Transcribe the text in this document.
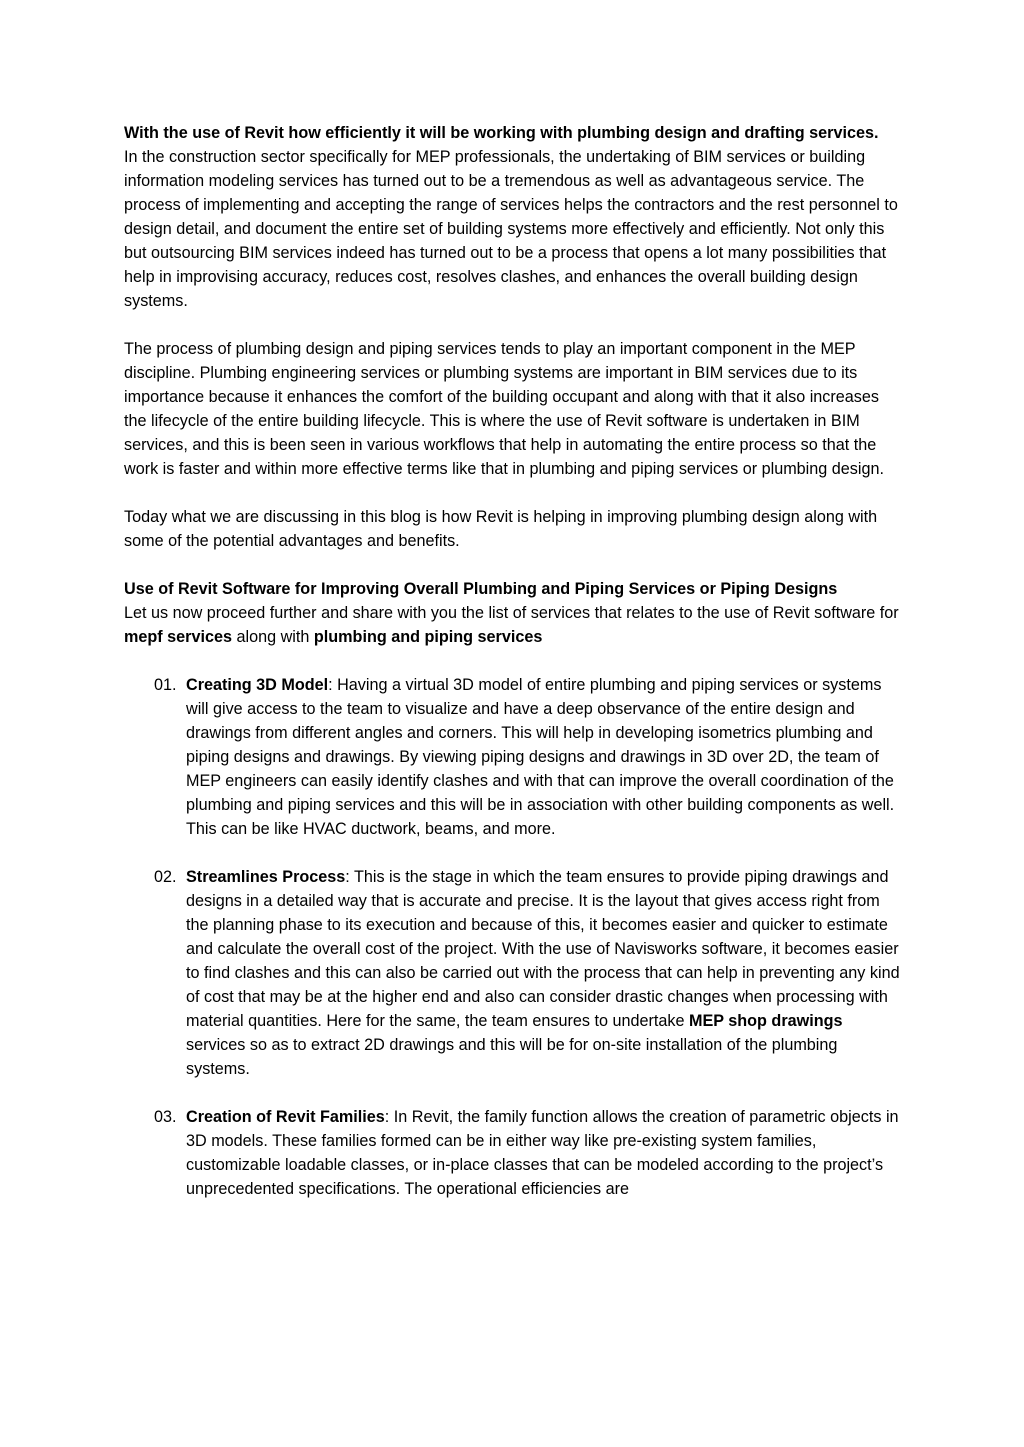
With the use of Revit how efficiently it will be working with plumbing design and drafting services.

In the construction sector specifically for MEP professionals, the undertaking of BIM services or building information modeling services has turned out to be a tremendous as well as advantageous service. The process of implementing and accepting the range of services helps the contractors and the rest personnel to design detail, and document the entire set of building systems more effectively and efficiently. Not only this but outsourcing BIM services indeed has turned out to be a process that opens a lot many possibilities that help in improvising accuracy, reduces cost, resolves clashes, and enhances the overall building design systems.

The process of plumbing design and piping services tends to play an important component in the MEP discipline. Plumbing engineering services or plumbing systems are important in BIM services due to its importance because it enhances the comfort of the building occupant and along with that it also increases the lifecycle of the entire building lifecycle. This is where the use of Revit software is undertaken in BIM services, and this is been seen in various workflows that help in automating the entire process so that the work is faster and within more effective terms like that in plumbing and piping services or plumbing design.

Today what we are discussing in this blog is how Revit is helping in improving plumbing design along with some of the potential advantages and benefits.

Use of Revit Software for Improving Overall Plumbing and Piping Services or Piping Designs

Let us now proceed further and share with you the list of services that relates to the use of Revit software for mepf services along with plumbing and piping services

01. Creating 3D Model: Having a virtual 3D model of entire plumbing and piping services or systems will give access to the team to visualize and have a deep observance of the entire design and drawings from different angles and corners. This will help in developing isometrics plumbing and piping designs and drawings. By viewing piping designs and drawings in 3D over 2D, the team of MEP engineers can easily identify clashes and with that can improve the overall coordination of the plumbing and piping services and this will be in association with other building components as well. This can be like HVAC ductwork, beams, and more.
02. Streamlines Process: This is the stage in which the team ensures to provide piping drawings and designs in a detailed way that is accurate and precise. It is the layout that gives access right from the planning phase to its execution and because of this, it becomes easier and quicker to estimate and calculate the overall cost of the project. With the use of Navisworks software, it becomes easier to find clashes and this can also be carried out with the process that can help in preventing any kind of cost that may be at the higher end and also can consider drastic changes when processing with material quantities. Here for the same, the team ensures to undertake MEP shop drawings services so as to extract 2D drawings and this will be for on-site installation of the plumbing systems.
03. Creation of Revit Families: In Revit, the family function allows the creation of parametric objects in 3D models. These families formed can be in either way like pre-existing system families, customizable loadable classes, or in-place classes that can be modeled according to the project’s unprecedented specifications. The operational efficiencies are
